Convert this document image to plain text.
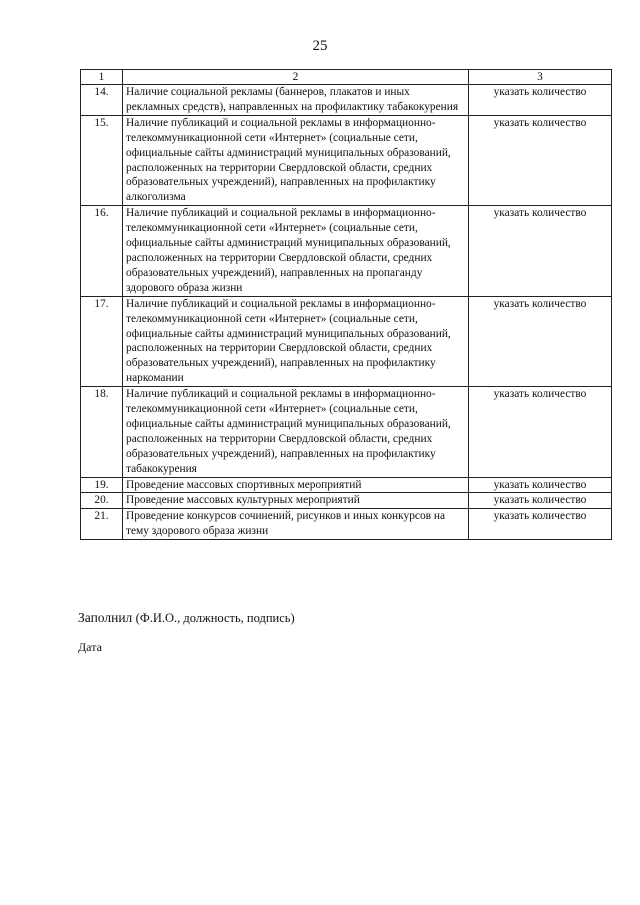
25
1	2	3
14.	Наличие социальной рекламы (баннеров, плакатов и иных рекламных средств), направленных на профилактику табакокурения	указать количество
15.	Наличие публикаций и социальной рекламы в информационно-телекоммуникационной сети «Интернет» (социальные сети, официальные сайты администраций муниципальных образований, расположенных на территории Свердловской области, средних образовательных учреждений), направленных на профилактику алкоголизма	указать количество
16.	Наличие публикаций и социальной рекламы в информационно-телекоммуникационной сети «Интернет» (социальные сети, официальные сайты администраций муниципальных образований, расположенных на территории Свердловской области, средних образовательных учреждений), направленных на пропаганду здорового образа жизни	указать количество
17.	Наличие публикаций и социальной рекламы в информационно-телекоммуникационной сети «Интернет» (социальные сети, официальные сайты администраций муниципальных образований, расположенных на территории Свердловской области, средних образовательных учреждений), направленных на профилактику наркомании	указать количество
18.	Наличие публикаций и социальной рекламы в информационно-телекоммуникационной сети «Интернет» (социальные сети, официальные сайты администраций муниципальных образований, расположенных на территории Свердловской области, средних образовательных учреждений), направленных на профилактику табакокурения	указать количество
19.	Проведение массовых спортивных мероприятий	указать количество
20.	Проведение массовых культурных мероприятий	указать количество
21.	Проведение конкурсов сочинений, рисунков и иных конкурсов на тему здорового образа жизни	указать количество
Заполнил (Ф.И.О., должность, подпись)
Дата
